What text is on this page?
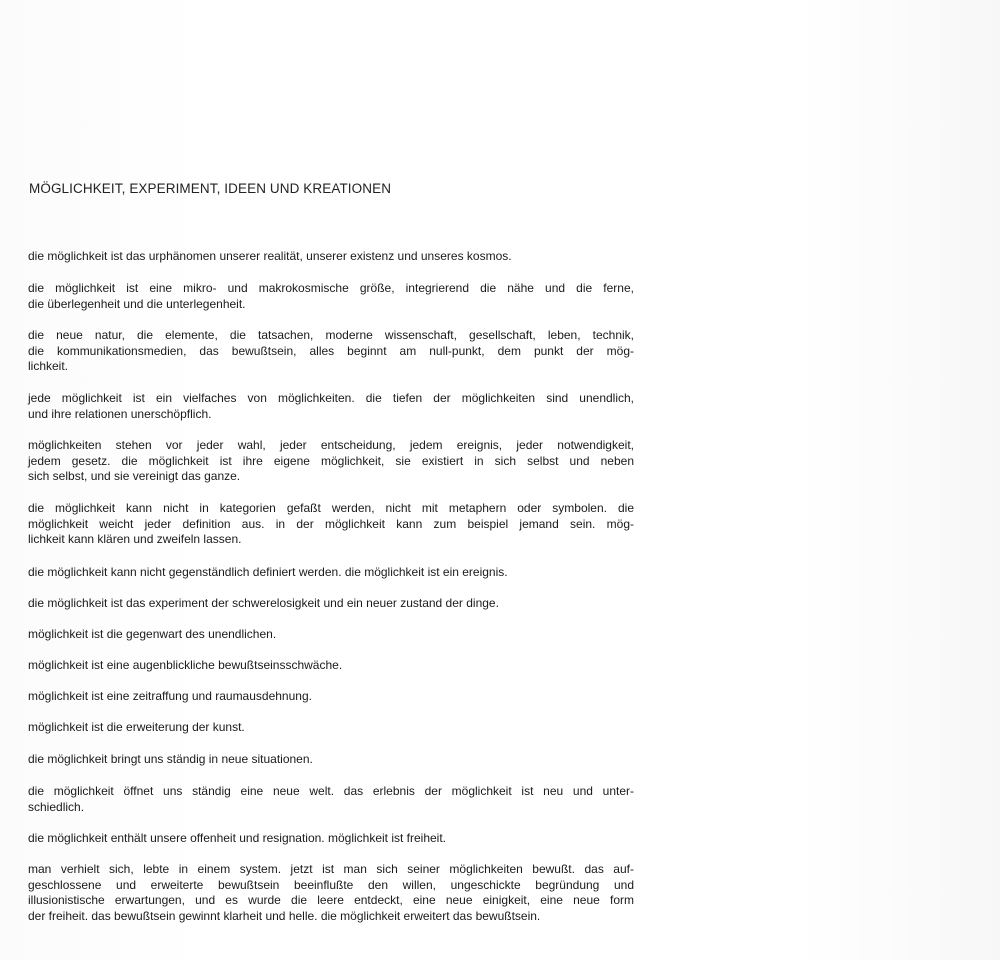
MÖGLICHKEIT, EXPERIMENT, IDEEN UND KREATIONEN
die möglichkeit ist das urphänomen unserer realität, unserer existenz und unseres kosmos.
die möglichkeit ist eine mikro- und makrokosmische größe, integrierend die nähe und die ferne,
die überlegenheit und die unterlegenheit.
die neue natur, die elemente, die tatsachen, moderne wissenschaft, gesellschaft, leben, technik,
die kommunikationsmedien, das bewußtsein, alles beginnt am null-punkt, dem punkt der mög-
lichkeit.
jede möglichkeit ist ein vielfaches von möglichkeiten. die tiefen der möglichkeiten sind unendlich,
und ihre relationen unerschöpflich.
möglichkeiten stehen vor jeder wahl, jeder entscheidung, jedem ereignis, jeder notwendigkeit,
jedem gesetz. die möglichkeit ist ihre eigene möglichkeit, sie existiert in sich selbst und neben
sich selbst, und sie vereinigt das ganze.
die möglichkeit kann nicht in kategorien gefaßt werden, nicht mit metaphern oder symbolen. die
möglichkeit weicht jeder definition aus. in der möglichkeit kann zum beispiel jemand sein. mög-
lichkeit kann klären und zweifeln lassen.
die möglichkeit kann nicht gegenständlich definiert werden. die möglichkeit ist ein ereignis.
die möglichkeit ist das experiment der schwerelosigkeit und ein neuer zustand der dinge.
möglichkeit ist die gegenwart des unendlichen.
möglichkeit ist eine augenblickliche bewußtseinsschwäche.
möglichkeit ist eine zeitraffung und raumausdehnung.
möglichkeit ist die erweiterung der kunst.
die möglichkeit bringt uns ständig in neue situationen.
die möglichkeit öffnet uns ständig eine neue welt. das erlebnis der möglichkeit ist neu und unter-
schiedlich.
die möglichkeit enthält unsere offenheit und resignation. möglichkeit ist freiheit.
man verhielt sich, lebte in einem system. jetzt ist man sich seiner möglichkeiten bewußt. das auf-
geschlossene und erweiterte bewußtsein beeinflußte den willen, ungeschickte begründung und
illusionistische erwartungen, und es wurde die leere entdeckt, eine neue einigkeit, eine neue form
der freiheit. das bewußtsein gewinnt klarheit und helle. die möglichkeit erweitert das bewußtsein.
